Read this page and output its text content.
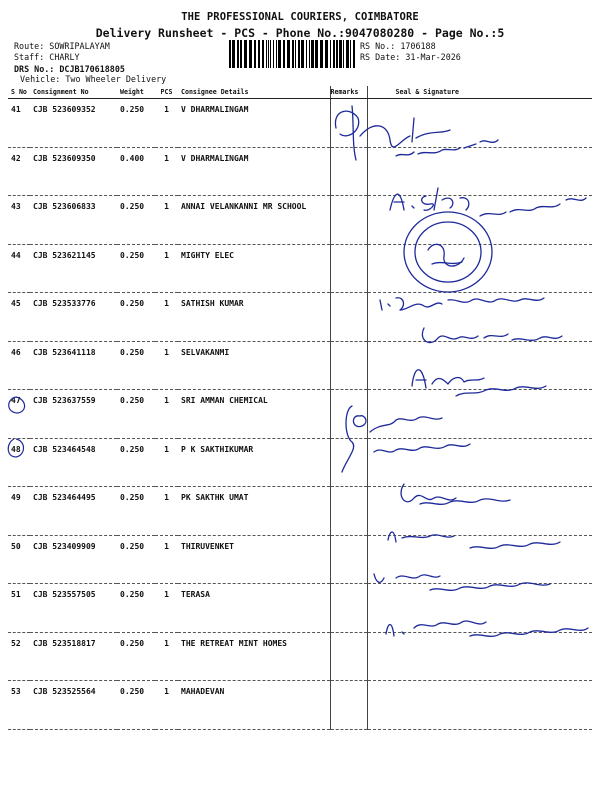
THE PROFESSIONAL COURIERS, COIMBATORE
Delivery Runsheet - PCS - Phone No.:9047080280 - Page No.:5
Route: SOWRIPALAYAM
Staff: CHARLY
DRS No.: DCJB170618805
Vehicle: Two Wheeler Delivery
RS No.: 1706188
RS Date: 31-Mar-2026
S No	Consignment No	Weight	PCS	Consignee Details	Remarks	Seal & Signature
41	CJB 523609352	0.250	1	V DHARMALINGAM		
42	CJB 523609350	0.400	1	V DHARMALINGAM		
43	CJB 523606833	0.250	1	ANNAI VELANKANNI MR SCHOOL		
44	CJB 523621145	0.250	1	MIGHTY ELEC		
45	CJB 523533776	0.250	1	SATHISH KUMAR		
46	CJB 523641118	0.250	1	SELVAKANMI		
47	CJB 523637559	0.250	1	SRI AMMAN CHEMICAL		
48	CJB 523464548	0.250	1	P K SAKTHIKUMAR		
49	CJB 523464495	0.250	1	PK SAKTHK UMAT		
50	CJB 523409909	0.250	1	THIRUVENKET		
51	CJB 523557505	0.250	1	TERASA		
52	CJB 523518817	0.250	1	THE RETREAT MINT HOMES		
53	CJB 523525564	0.250	1	MAHADEVAN		
